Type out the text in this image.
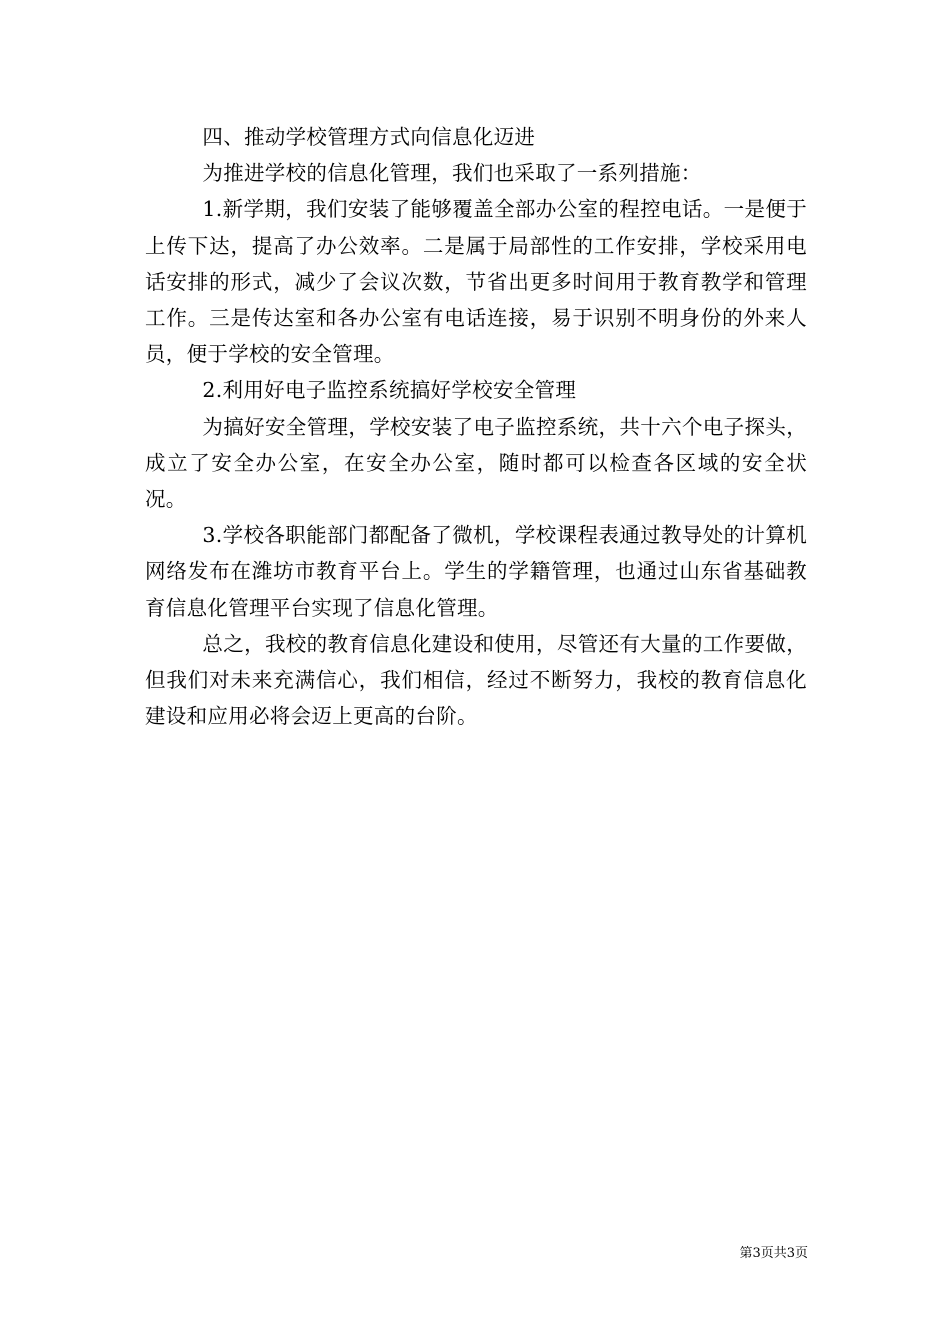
四、推动学校管理方式向信息化迈进

为推进学校的信息化管理，我们也采取了一系列措施：

1.新学期，我们安装了能够覆盖全部办公室的程控电话。一是便于上传下达，提高了办公效率。二是属于局部性的工作安排，学校采用电话安排的形式，减少了会议次数，节省出更多时间用于教育教学和管理工作。三是传达室和各办公室有电话连接，易于识别不明身份的外来人员，便于学校的安全管理。

2.利用好电子监控系统搞好学校安全管理

为搞好安全管理，学校安装了电子监控系统，共十六个电子探头，成立了安全办公室，在安全办公室，随时都可以检查各区域的安全状况。

3.学校各职能部门都配备了微机，学校课程表通过教导处的计算机网络发布在潍坊市教育平台上。学生的学籍管理，也通过山东省基础教育信息化管理平台实现了信息化管理。

总之，我校的教育信息化建设和使用，尽管还有大量的工作要做，但我们对未来充满信心，我们相信，经过不断努力，我校的教育信息化建设和应用必将会迈上更高的台阶。

第3页共3页
